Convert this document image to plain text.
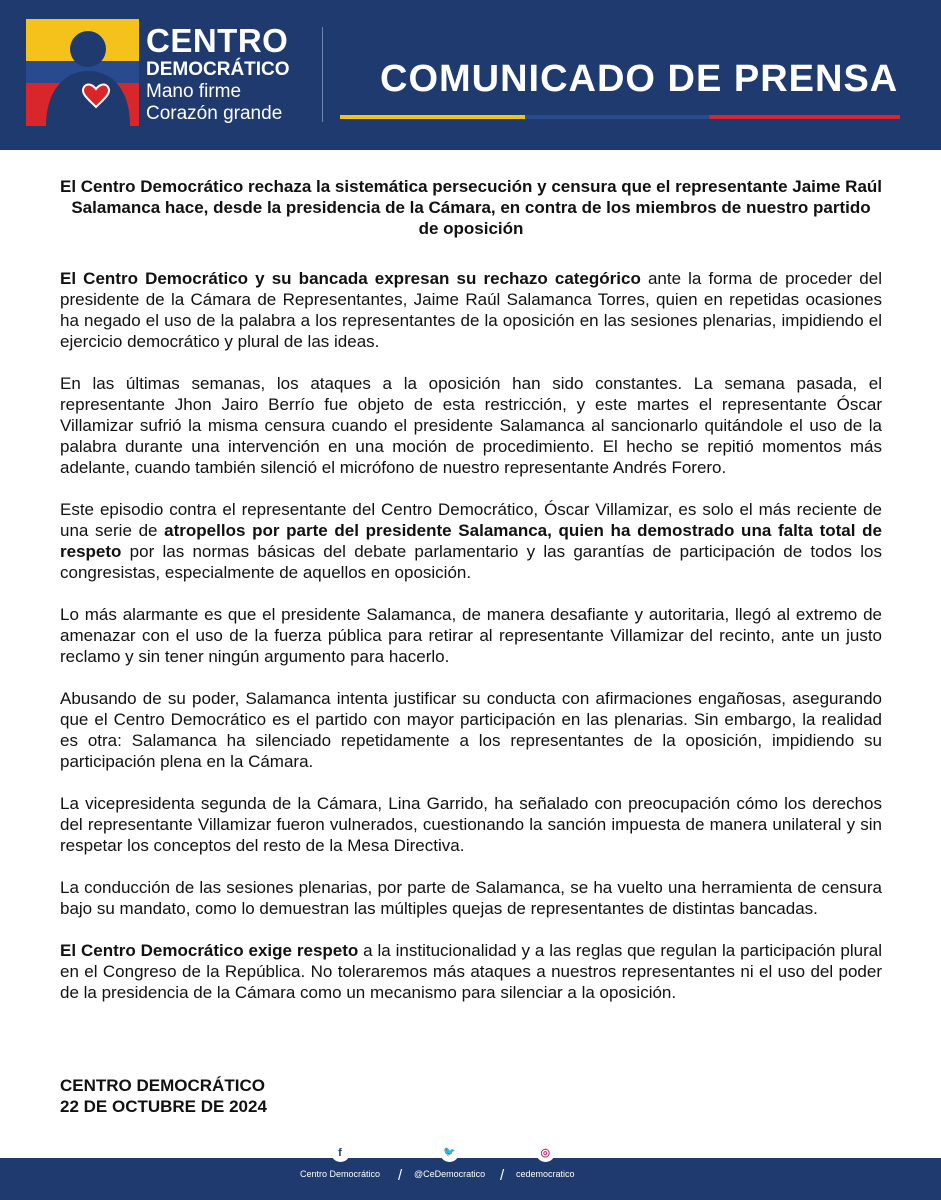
CENTRO
DEMOCRÁTICO
Mano firme
Corazón grande
COMUNICADO DE PRENSA
El Centro Democrático rechaza la sistemática persecución y censura que el representante Jaime Raúl Salamanca hace, desde la presidencia de la Cámara, en contra de los miembros de nuestro partido de oposición

El Centro Democrático y su bancada expresan su rechazo categórico ante la forma de proceder del presidente de la Cámara de Representantes, Jaime Raúl Salamanca Torres, quien en repetidas ocasiones ha negado el uso de la palabra a los representantes de la oposición en las sesiones plenarias, impidiendo el ejercicio democrático y plural de las ideas.

En las últimas semanas, los ataques a la oposición han sido constantes. La semana pasada, el representante Jhon Jairo Berrío fue objeto de esta restricción, y este martes el representante Óscar Villamizar sufrió la misma censura cuando el presidente Salamanca al sancionarlo quitándole el uso de la palabra durante una intervención en una moción de procedimiento. El hecho se repitió momentos más adelante, cuando también silenció el micrófono de nuestro representante Andrés Forero.

Este episodio contra el representante del Centro Democrático, Óscar Villamizar, es solo el más reciente de una serie de atropellos por parte del presidente Salamanca, quien ha demostrado una falta total de respeto por las normas básicas del debate parlamentario y las garantías de participación de todos los congresistas, especialmente de aquellos en oposición.

Lo más alarmante es que el presidente Salamanca, de manera desafiante y autoritaria, llegó al extremo de amenazar con el uso de la fuerza pública para retirar al representante Villamizar del recinto, ante un justo reclamo y sin tener ningún argumento para hacerlo.

Abusando de su poder, Salamanca intenta justificar su conducta con afirmaciones engañosas, asegurando que el Centro Democrático es el partido con mayor participación en las plenarias. Sin embargo, la realidad es otra: Salamanca ha silenciado repetidamente a los representantes de la oposición, impidiendo su participación plena en la Cámara.

La vicepresidenta segunda de la Cámara, Lina Garrido, ha señalado con preocupación cómo los derechos del representante Villamizar fueron vulnerados, cuestionando la sanción impuesta de manera unilateral y sin respetar los conceptos del resto de la Mesa Directiva.

La conducción de las sesiones plenarias, por parte de Salamanca, se ha vuelto una herramienta de censura bajo su mandato, como lo demuestran las múltiples quejas de representantes de distintas bancadas.

El Centro Democrático exige respeto a la institucionalidad y a las reglas que regulan la participación plural en el Congreso de la República. No toleraremos más ataques a nuestros representantes ni el uso del poder de la presidencia de la Cámara como un mecanismo para silenciar a la oposición.

CENTRO DEMOCRÁTICO
22 DE OCTUBRE DE 2024
f
Centro Democrático /
🐦
@CeDemocratico /
◎
cedemocratico
